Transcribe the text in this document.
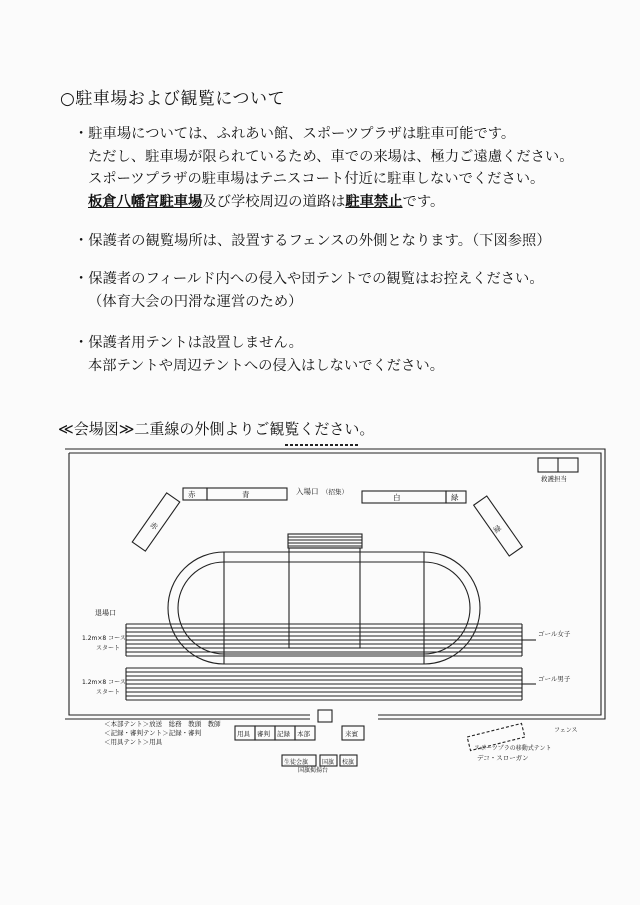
○駐車場および観覧について
・駐車場については、ふれあい館、スポーツプラザは駐車可能です。
ただし、駐車場が限られているため、車での来場は、極力ご遠慮ください。
スポーツプラザの駐車場はテニスコート付近に駐車しないでください。
板倉八幡宮駐車場及び学校周辺の道路は駐車禁止です。
・保護者の観覧場所は、設置するフェンスの外側となります。（下図参照）
・保護者のフィールド内への侵入や団テントでの観覧はお控えください。
（体育大会の円滑な運営のため）
・保護者用テントは設置しません。
本部テントや周辺テントへの侵入はしないでください。
≪会場図≫二重線の外側よりご観覧ください。
赤	青	入場口 （招集）
白	緑
赤	緑
救護担当
退場口
1.2m×8 コース
スタート
1.2m×8 コース
スタート
ゴール女子
ゴール男子
フェンス
スポーツプラの移動式テント
デコ・スローガン
＜本部テント＞放送　総務　教頭　教師
＜記録・審判テント＞記録・審判
＜用具テント＞用具
用具 審判 記録 本部	来賓
生徒会旗 国旗 校旗
国旗掲揚台
